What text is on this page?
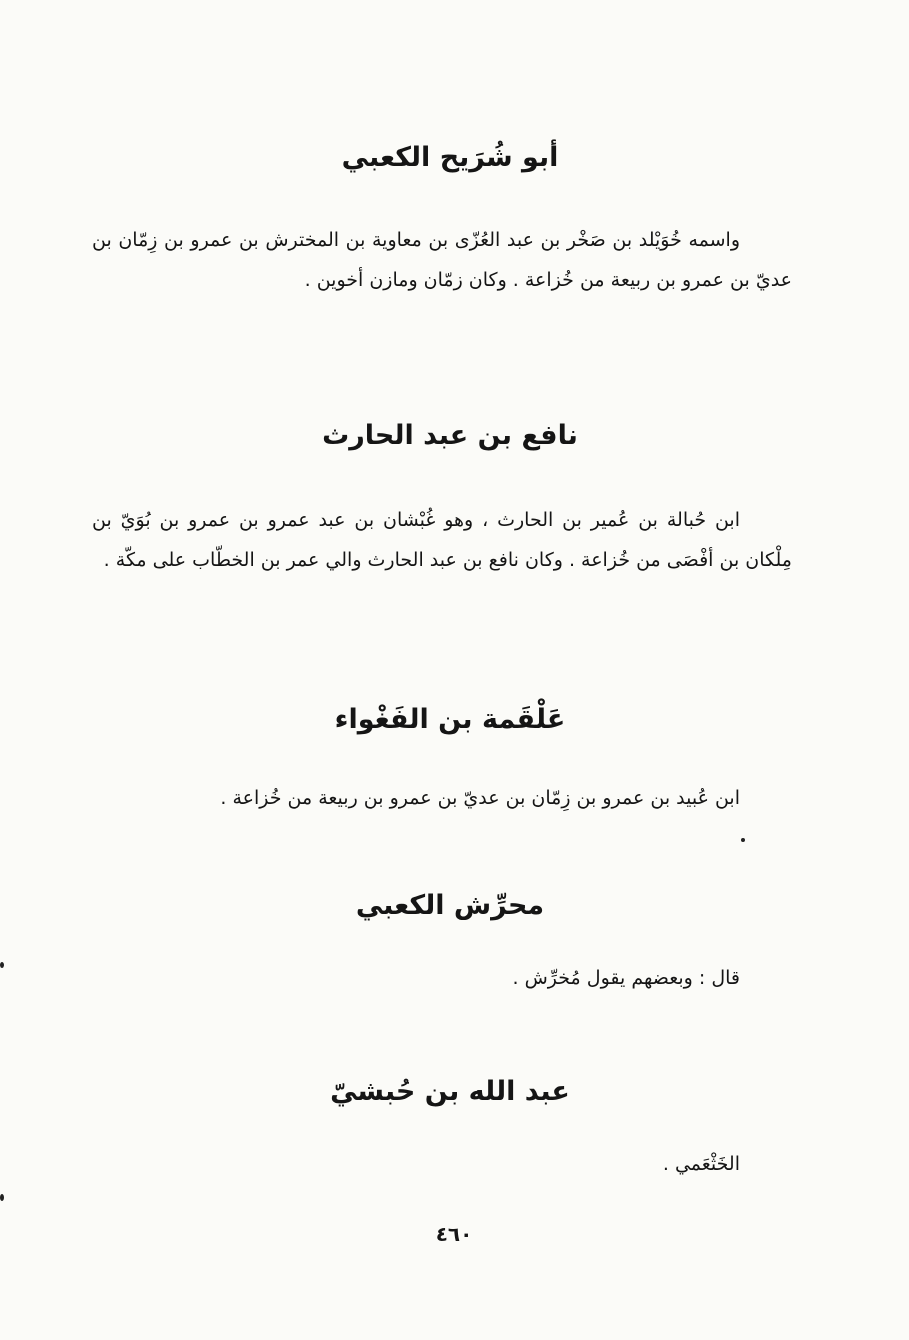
أبو شُرَيح الكعبي

واسمه خُوَيْلد بن صَخْر بن عبد العُزّى بن معاوية بن المخترش بن عمرو بن زِمّان بن عديّ بن عمرو بن ربيعة من خُزاعة . وكان زمّان ومازن أخوين .

نافع بن عبد الحارث

ابن حُبالة بن عُمير بن الحارث ، وهو غُبْشان بن عبد عمرو بن عمرو بن بُوَيّ بن مِلْكان بن أفْصَى من خُزاعة . وكان نافع بن عبد الحارث والي عمر بن الخطّاب على مكّة .

عَلْقَمة بن الفَغْواء

ابن عُبيد بن عمرو بن زِمّان بن عديّ بن عمرو بن ربيعة من خُزاعة .

محرِّش الكعبي

قال : وبعضهم يقول مُخرِّش .

عبد الله بن حُبشيّ

الخَثْعَمي .

٤٦٠
